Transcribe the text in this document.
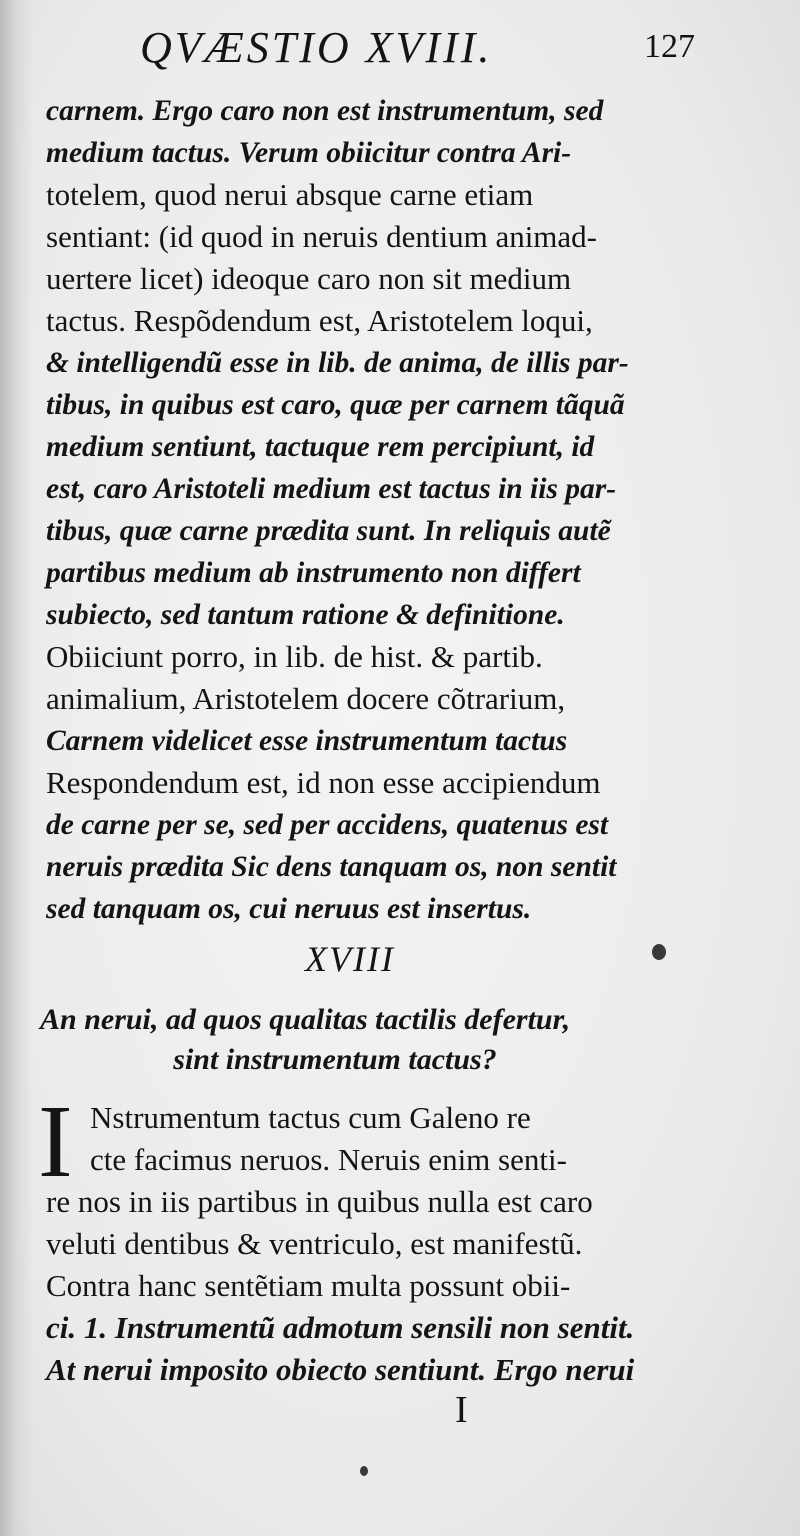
QVÆSTIO XVIII.	127
carnem. Ergo caro non est instrumentum, sed
medium tactus. Verum obiicitur contra Ari-
totelem, quod nerui absque carne etiam
sentiant: (id quod in neruis dentium animad-
uertere licet) ideoque caro non sit medium
tactus. Respõdendum est, Aristotelem loqui,
& intelligendũ esse in lib. de anima, de illis par-
tibus, in quibus est caro, quæ per carnem tãquã
medium sentiunt, tactuque rem percipiunt, id
est, caro Aristoteli medium est tactus in iis par-
tibus, quæ carne prædita sunt. In reliquis autẽ
partibus medium ab instrumento non differt
subiecto, sed tantum ratione & definitione.
Obiiciunt porro, in lib. de hist. & partib.
animalium, Aristotelem docere cõtrarium,
Carnem videlicet esse instrumentum tactus
Respondendum est, id non esse accipiendum
de carne per se, sed per accidens, quatenus est
neruis prædita Sic dens tanquam os, non sentit
sed tanquam os, cui neruus est insertus.
XVIII
An nerui, ad quos qualitas tactilis defertur,
sint instrumentum tactus?
I Nstrumentum tactus cum Galeno re
cte facimus neruos. Neruis enim senti-
re nos in iis partibus in quibus nulla est caro
veluti dentibus & ventriculo, est manifestũ.
Contra hanc sentẽtiam multa possunt obii-
ci. 1. Instrumentũ admotum sensili non sentit.
At nerui imposito obiecto sentiunt. Ergo nerui
I
